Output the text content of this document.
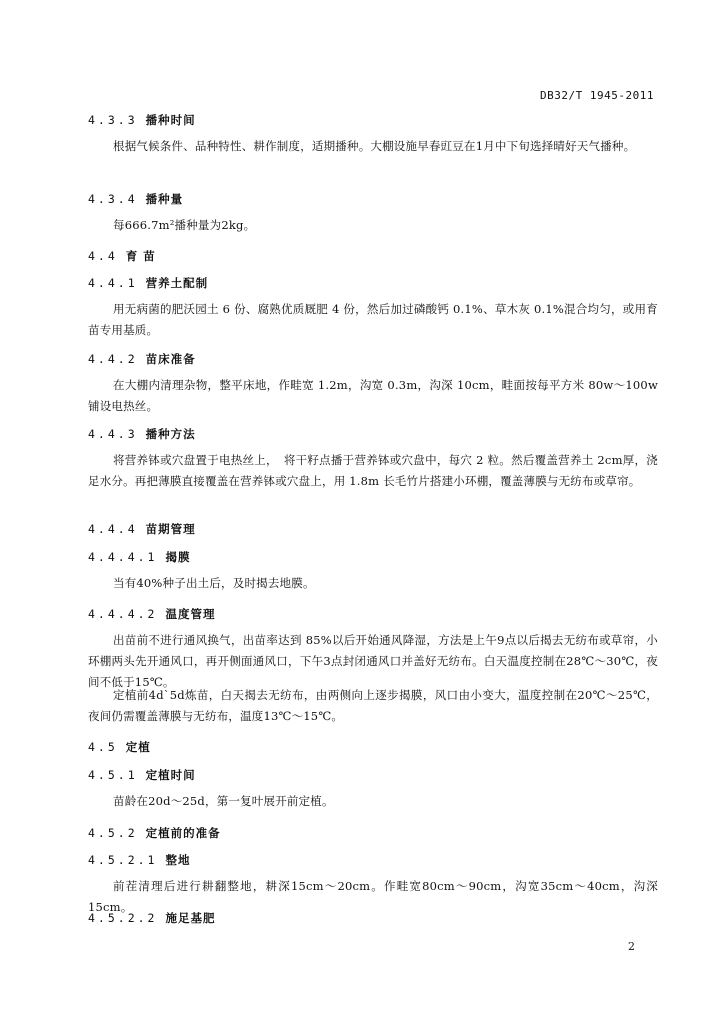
DB32/T 1945-2011
4.3.3 播种时间
根据气候条件、品种特性、耕作制度，适期播种。大棚设施早春豇豆在1月中下旬选择晴好天气播种。
4.3.4 播种量
每666.7m²播种量为2kg。
4.4 育苗
4.4.1 营养土配制
用无病菌的肥沃园土 6 份、腐熟优质厩肥 4 份，然后加过磷酸钙 0.1%、草木灰 0.1%混合均匀，或用育苗专用基质。
4.4.2 苗床准备
在大棚内清理杂物，整平床地，作畦宽 1.2m，沟宽 0.3m，沟深 10cm，畦面按每平方米 80w～100w铺设电热丝。
4.4.3 播种方法
将营养钵或穴盘置于电热丝上，　将干籽点播于营养钵或穴盘中，每穴 2 粒。然后覆盖营养土 2cm厚，浇足水分。再把薄膜直接覆盖在营养钵或穴盘上，用 1.8m 长毛竹片搭建小环棚，覆盖薄膜与无纺布或草帘。
4.4.4 苗期管理
4.4.4.1 揭膜
当有40%种子出土后，及时揭去地膜。
4.4.4.2 温度管理
出苗前不进行通风换气，出苗率达到 85%以后开始通风降湿，方法是上午9点以后揭去无纺布或草帘，小环棚两头先开通风口，再开侧面通风口，下午3点封闭通风口并盖好无纺布。白天温度控制在28℃～30℃，夜间不低于15℃。
定植前4d`5d炼苗，白天揭去无纺布，由两侧向上逐步揭膜，风口由小变大，温度控制在20℃～25℃，夜间仍需覆盖薄膜与无纺布，温度13℃～15℃。
4.5 定植
4.5.1 定植时间
苗龄在20d～25d，第一复叶展开前定植。
4.5.2 定植前的准备
4.5.2.1 整地
前茬清理后进行耕翻整地，耕深15cm～20cm。作畦宽80cm～90cm，沟宽35cm～40cm，沟深15cm。
4.5.2.2 施足基肥
2
